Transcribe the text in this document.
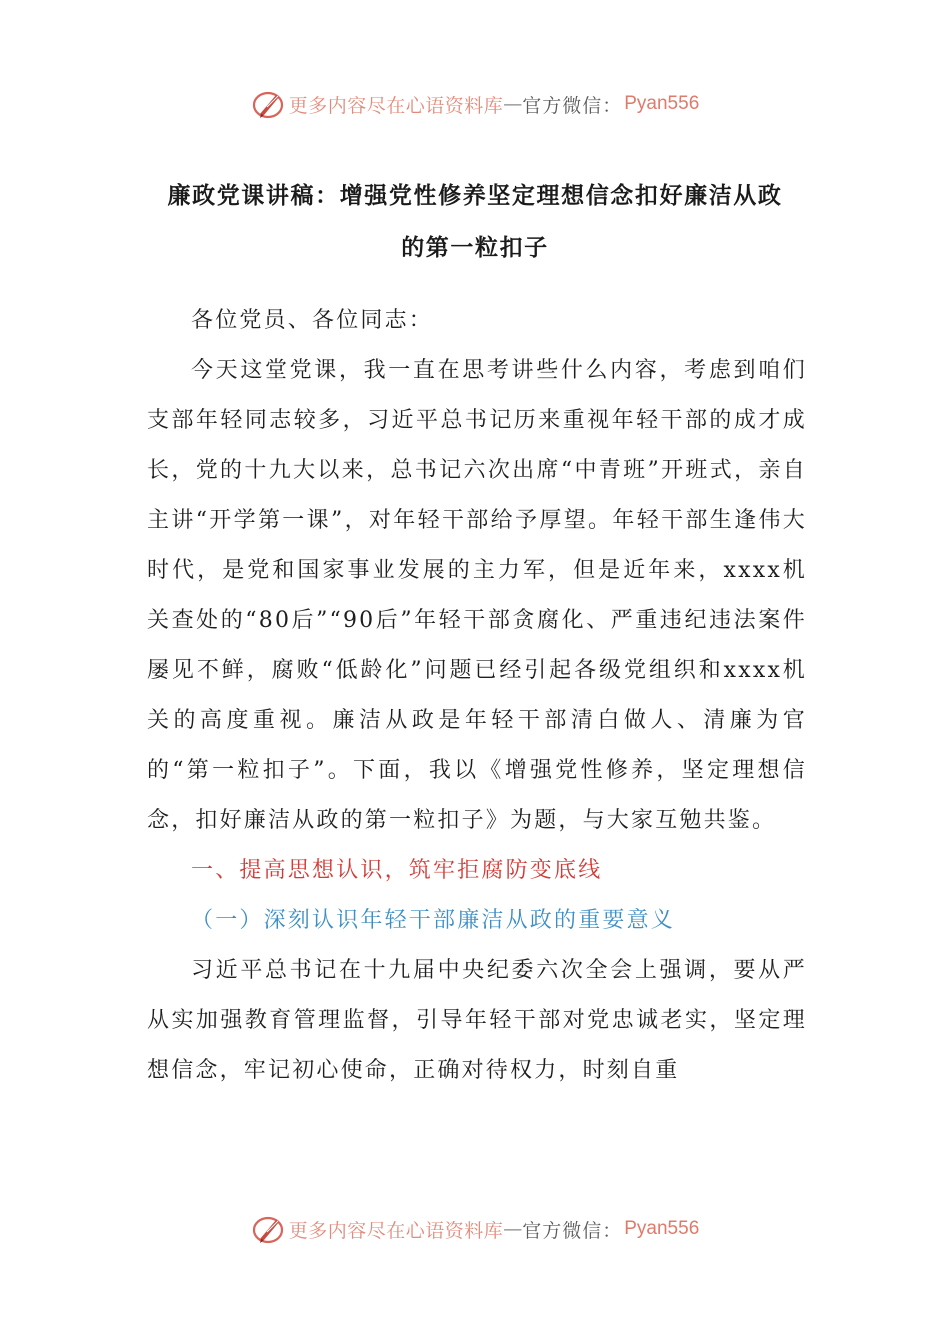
更多内容尽在心语资料库 — 官方微信： Pyan556
廉政党课讲稿：增强党性修养坚定理想信念扣好廉洁从政
的第一粒扣子

各位党员、各位同志：

今天这堂党课，我一直在思考讲些什么内容，考虑到咱们支部年轻同志较多，习近平总书记历来重视年轻干部的成才成长，党的十九大以来，总书记六次出席“中青班”开班式，亲自主讲“开学第一课”，对年轻干部给予厚望。年轻干部生逢伟大时代，是党和国家事业发展的主力军，但是近年来，xxxx机关查处的“80后”“90后”年轻干部贪腐化、严重违纪违法案件屡见不鲜，腐败“低龄化”问题已经引起各级党组织和xxxx机关的高度重视。廉洁从政是年轻干部清白做人、清廉为官的“第一粒扣子”。下面，我以《增强党性修养，坚定理想信念，扣好廉洁从政的第一粒扣子》为题，与大家互勉共鉴。

一、提高思想认识，筑牢拒腐防变底线

（一）深刻认识年轻干部廉洁从政的重要意义

习近平总书记在十九届中央纪委六次全会上强调，要从严从实加强教育管理监督，引导年轻干部对党忠诚老实，坚定理想信念，牢记初心使命，正确对待权力，时刻自重

更多内容尽在心语资料库 — 官方微信： Pyan556
